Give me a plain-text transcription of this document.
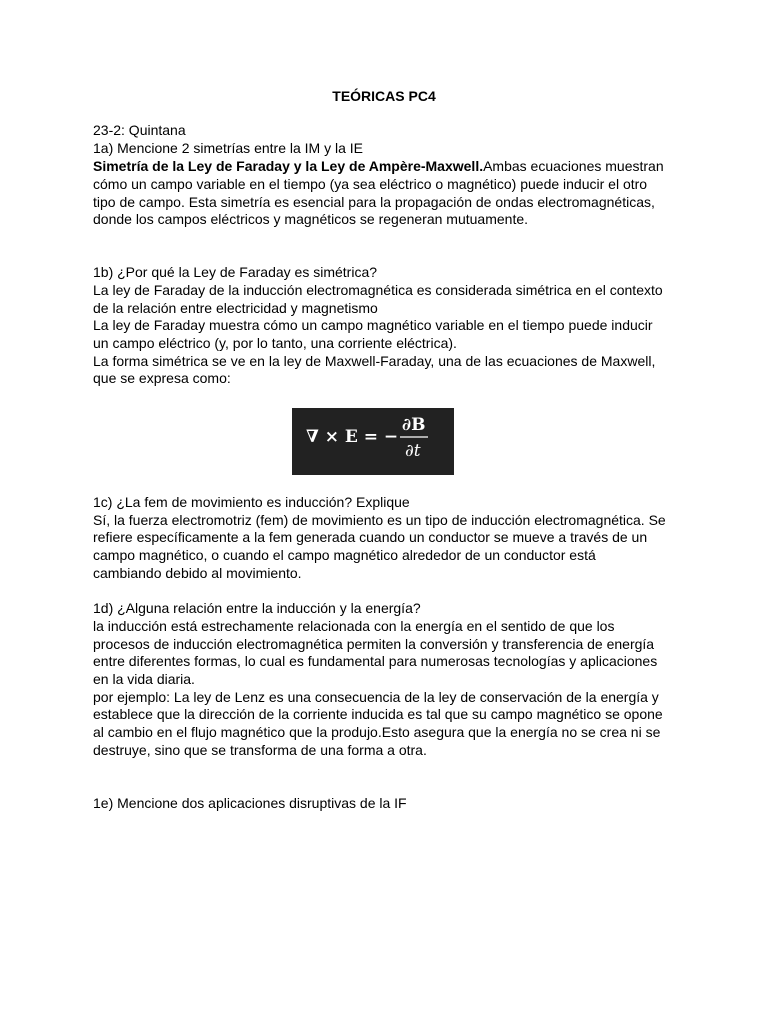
TEÓRICAS PC4
23-2: Quintana
1a) Mencione 2 simetrías entre la IM y la IE
Simetría de la Ley de Faraday y la Ley de Ampère-Maxwell.Ambas ecuaciones muestran
cómo un campo variable en el tiempo (ya sea eléctrico o magnético) puede inducir el otro
tipo de campo. Esta simetría es esencial para la propagación de ondas electromagnéticas,
donde los campos eléctricos y magnéticos se regeneran mutuamente.
1b) ¿Por qué la Ley de Faraday es simétrica?
La ley de Faraday de la inducción electromagnética es considerada simétrica en el contexto
de la relación entre electricidad y magnetismo
La ley de Faraday muestra cómo un campo magnético variable en el tiempo puede inducir
un campo eléctrico (y, por lo tanto, una corriente eléctrica).
La forma simétrica se ve en la ley de Maxwell-Faraday, una de las ecuaciones de Maxwell,
que se expresa como:
∇ × E = −
∂B
∂t
1c) ¿La fem de movimiento es inducción? Explique
Sí, la fuerza electromotriz (fem) de movimiento es un tipo de inducción electromagnética. Se
refiere específicamente a la fem generada cuando un conductor se mueve a través de un
campo magnético, o cuando el campo magnético alrededor de un conductor está
cambiando debido al movimiento.
1d) ¿Alguna relación entre la inducción y la energía?
la inducción está estrechamente relacionada con la energía en el sentido de que los
procesos de inducción electromagnética permiten la conversión y transferencia de energía
entre diferentes formas, lo cual es fundamental para numerosas tecnologías y aplicaciones
en la vida diaria.
por ejemplo: La ley de Lenz es una consecuencia de la ley de conservación de la energía y
establece que la dirección de la corriente inducida es tal que su campo magnético se opone
al cambio en el flujo magnético que la produjo.Esto asegura que la energía no se crea ni se
destruye, sino que se transforma de una forma a otra.
1e) Mencione dos aplicaciones disruptivas de la IF
